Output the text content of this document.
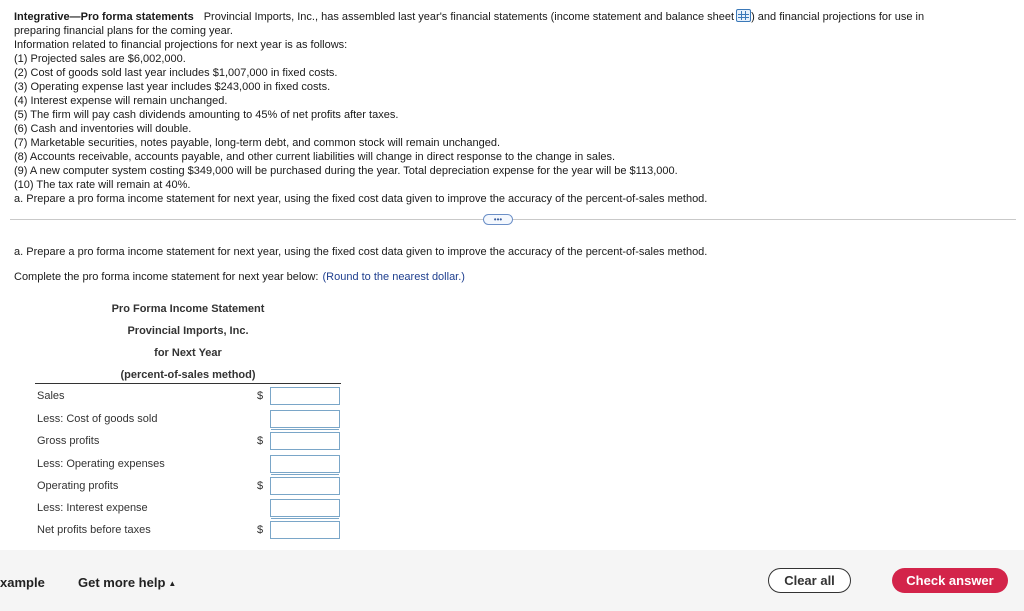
Integrative—Pro forma statements Provincial Imports, Inc., has assembled last year's financial statements (income statement and balance sheet ) and financial projections for use in
preparing financial plans for the coming year.
Information related to financial projections for next year is as follows:
(1) Projected sales are $6,002,000.
(2) Cost of goods sold last year includes $1,007,000 in fixed costs.
(3) Operating expense last year includes $243,000 in fixed costs.
(4) Interest expense will remain unchanged.
(5) The firm will pay cash dividends amounting to 45% of net profits after taxes.
(6) Cash and inventories will double.
(7) Marketable securities, notes payable, long-term debt, and common stock will remain unchanged.
(8) Accounts receivable, accounts payable, and other current liabilities will change in direct response to the change in sales.
(9) A new computer system costing $349,000 will be purchased during the year. Total depreciation expense for the year will be $113,000.
(10) The tax rate will remain at 40%.
a. Prepare a pro forma income statement for next year, using the fixed cost data given to improve the accuracy of the percent-of-sales method.
•••
a. Prepare a pro forma income statement for next year, using the fixed cost data given to improve the accuracy of the percent-of-sales method.
Complete the pro forma income statement for next year below: (Round to the nearest dollar.)
Pro Forma Income Statement
Provincial Imports, Inc.
for Next Year
(percent-of-sales method)
Sales	$
Less: Cost of goods sold
Gross profits	$
Less: Operating expenses
Operating profits	$
Less: Interest expense
Net profits before taxes	$
xample	Get more help ▲	Clear all	Check answer
